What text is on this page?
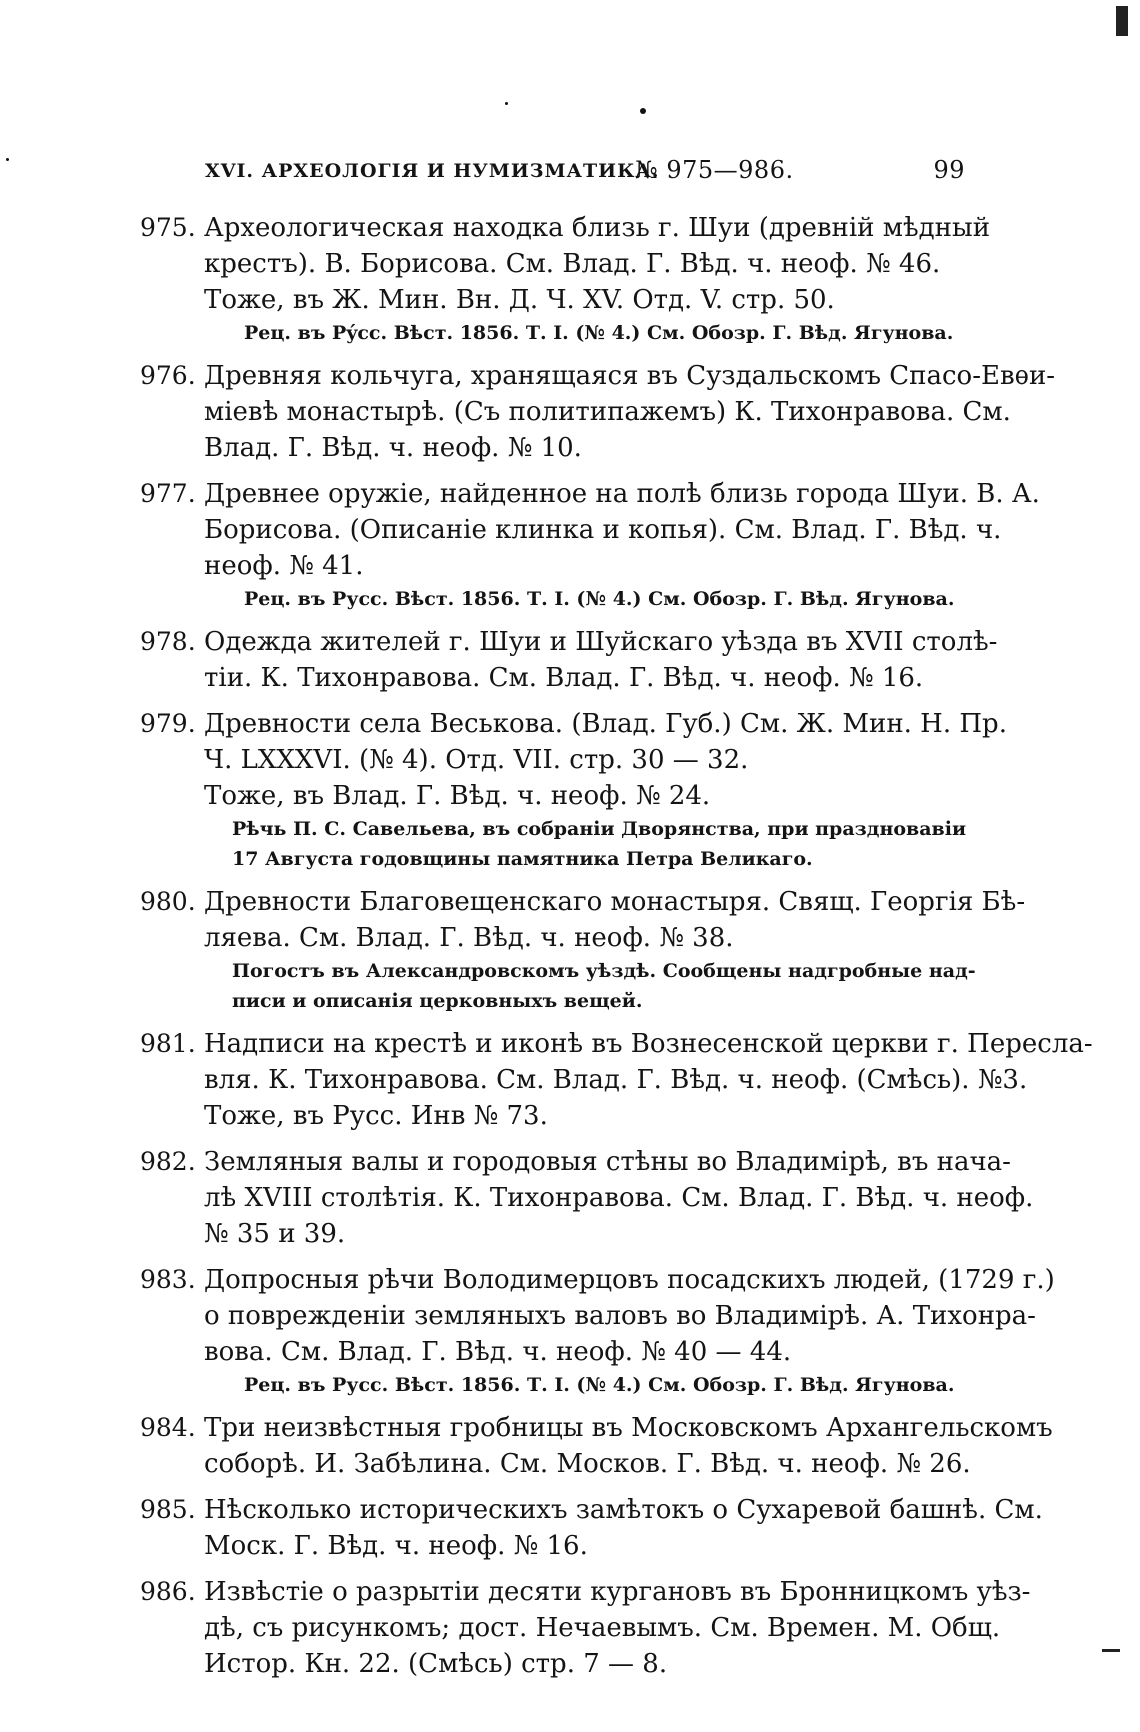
XVI. АРХЕОЛОГІЯ И НУМИЗМАТИКА.
№ 975—986.	99
975. Археологическая находка близь г. Шуи (древній мѣдный
крестъ). В. Борисова. См. Влад. Г. Вѣд. ч. неоф. № 46.
Тоже, въ Ж. Мин. Вн. Д. Ч. XV. Отд. V. стр. 50.
Рец. въ Рýсс. Вѣст. 1856. Т. I. (№ 4.) См. Обозр. Г. Вѣд. Ягунова.
976. Древняя кольчуга, хранящаяся въ Суздальскомъ Спасо-Евѳи-
міевѣ монастырѣ. (Съ политипажемъ) К. Тихонравова. См.
Влад. Г. Вѣд. ч. неоф. № 10.
977. Древнее оружіе, найденное на полѣ близь города Шуи. В. А.
Борисова. (Описаніе клинка и копья). См. Влад. Г. Вѣд. ч.
неоф. № 41.
Рец. въ Русс. Вѣст. 1856. Т. I. (№ 4.) См. Обозр. Г. Вѣд. Ягунова.
978. Одежда жителей г. Шуи и Шуйскаго уѣзда въ XVII столѣ-
тіи. К. Тихонравова. См. Влад. Г. Вѣд. ч. неоф. № 16.
979. Древности села Веськова. (Влад. Губ.) См. Ж. Мин. Н. Пр.
Ч. LXXXVI. (№ 4). Отд. VII. стр. 30 — 32.
Тоже, въ Влад. Г. Вѣд. ч. неоф. № 24.
Рѣчь П. С. Савельева, въ собраніи Дворянства, при праздновавіи
17 Августа годовщины памятника Петра Великаго.
980. Древности Благовещенскаго монастыря. Свящ. Георгія Бѣ-
ляева. См. Влад. Г. Вѣд. ч. неоф. № 38.
Погостъ въ Александровскомъ уѣздѣ. Сообщены надгробные над-
писи и описанія церковныхъ вещей.
981. Надписи на крестѣ и иконѣ въ Вознесенской церкви г. Пересла-
вля. К. Тихонравова. См. Влад. Г. Вѣд. ч. неоф. (Смѣсь). №3.
Тоже, въ Русс. Инв № 73.
982. Земляныя валы и городовыя стѣны во Владимірѣ, въ нача-
лѣ XVIII столѣтія. К. Тихонравова. См. Влад. Г. Вѣд. ч. неоф.
№ 35 и 39.
983. Допросныя рѣчи Володимерцовъ посадскихъ людей, (1729 г.)
о поврежденіи земляныхъ валовъ во Владимірѣ. А. Тихонра-
вова. См. Влад. Г. Вѣд. ч. неоф. № 40 — 44.
Рец. въ Русс. Вѣст. 1856. Т. I. (№ 4.) См. Обозр. Г. Вѣд. Ягунова.
984. Три неизвѣстныя гробницы въ Московскомъ Архангельскомъ
соборѣ. И. Забѣлина. См. Москов. Г. Вѣд. ч. неоф. № 26.
985. Нѣсколько историческихъ замѣтокъ о Сухаревой башнѣ. См.
Моск. Г. Вѣд. ч. неоф. № 16.
986. Извѣстіе о разрытіи десяти кургановъ въ Бронницкомъ уѣз-
дѣ, съ рисункомъ; дост. Нечаевымъ. См. Времен. М. Общ.
Истор. Кн. 22. (Смѣсь) стр. 7 — 8.
